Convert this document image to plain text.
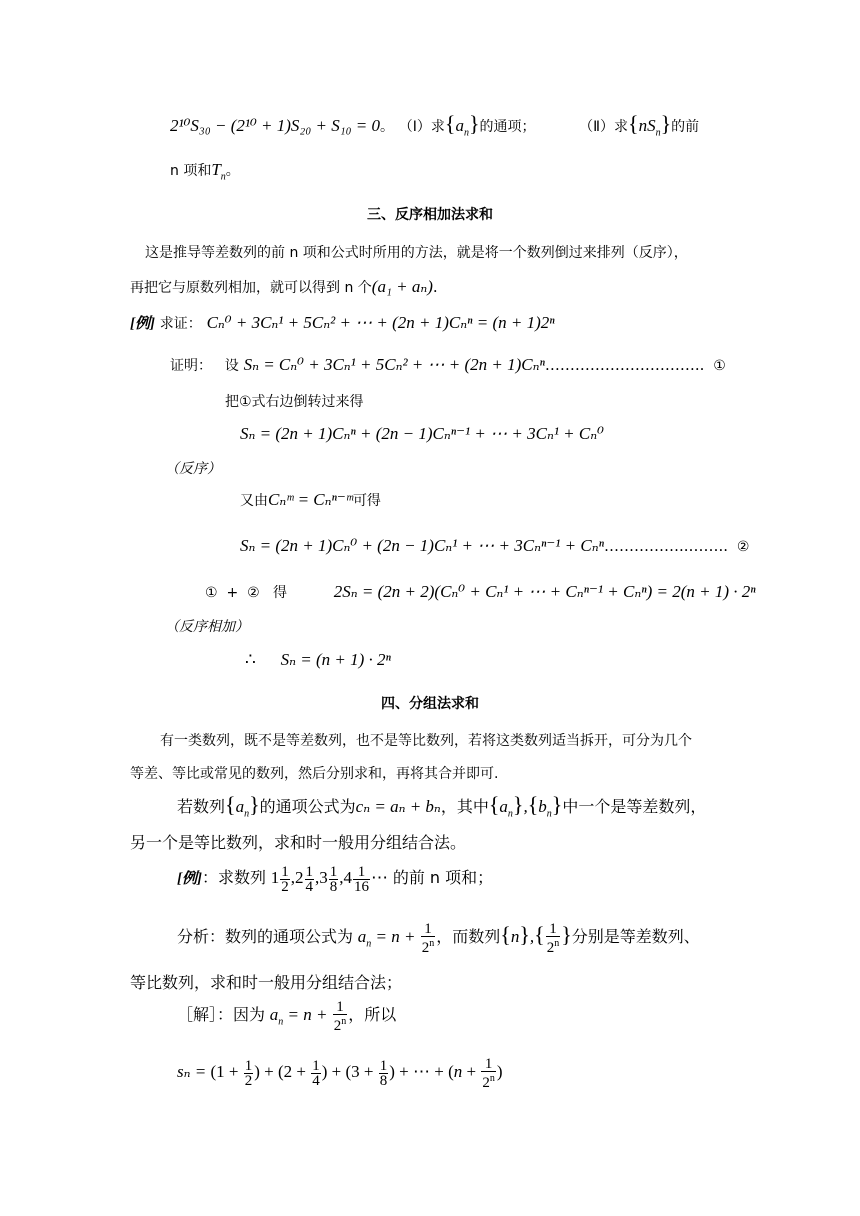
2¹⁰S₃₀ − (2¹⁰ + 1)S₂₀ + S₁₀ = 0。 （Ⅰ）求$\{a_n\}$的通项；	（Ⅱ）求$\{nS_n\}$的前
n 项和$T_n$。
三、反序相加法求和
这是推导等差数列的前 n 项和公式时所用的方法，就是将一个数列倒过来排列（反序），
再把它与原数列相加，就可以得到 n 个(a₁ + aₙ).
[例] 求证： Cₙ⁰ + 3Cₙ¹ + 5Cₙ² + ⋯ + (2n + 1)Cₙⁿ = (n + 1)2ⁿ
证明： 设 Sₙ = Cₙ⁰ + 3Cₙ¹ + 5Cₙ² + ⋯ + (2n + 1)Cₙⁿ………………………….. ①
把①式右边倒转过来得
Sₙ = (2n + 1)Cₙⁿ + (2n − 1)Cₙⁿ⁻¹ + ⋯ + 3Cₙ¹ + Cₙ⁰
（反序）
又由Cₙᵐ = Cₙⁿ⁻ᵐ可得
Sₙ = (2n + 1)Cₙ⁰ + (2n − 1)Cₙ¹ + ⋯ + 3Cₙⁿ⁻¹ + Cₙⁿ……………..…….. ②
①  +  ②   得	2Sₙ = (2n + 2)(Cₙ⁰ + Cₙ¹ + ⋯ + Cₙⁿ⁻¹ + Cₙⁿ) = 2(n + 1) · 2ⁿ
（反序相加）
∴ Sₙ = (n + 1) · 2ⁿ
四、分组法求和
有一类数列，既不是等差数列，也不是等比数列，若将这类数列适当拆开，可分为几个
等差、等比或常见的数列，然后分别求和，再将其合并即可.
若数列$\{a_n\}$的通项公式为cₙ = aₙ + bₙ，其中$\{a_n\},\{b_n\}$中一个是等差数列，
另一个是等比数列，求和时一般用分组结合法。
[例]：求数列 $1 \frac{1}{2} ,2 \frac{1}{4} ,3 \frac{1}{8} ,4 \frac{1}{16}$ ⋯ 的前 n 项和；
分析：数列的通项公式为 $a_n = n + \frac{1}{2^n}$ ，而数列$\{n\},\{ \frac{1}{2^n}$ }分别是等差数列、
等比数列，求和时一般用分组结合法；
［解］：因为 $a_n = n + \frac{1}{2^n}$ ，所以
$s_n = (1 + \frac{1}{2}$ ) + ($2 + \frac{1}{4}$ ) + ($3 + \frac{1}{8}$ ) + ⋯ + ($n + \frac{1}{2^n}$ )
